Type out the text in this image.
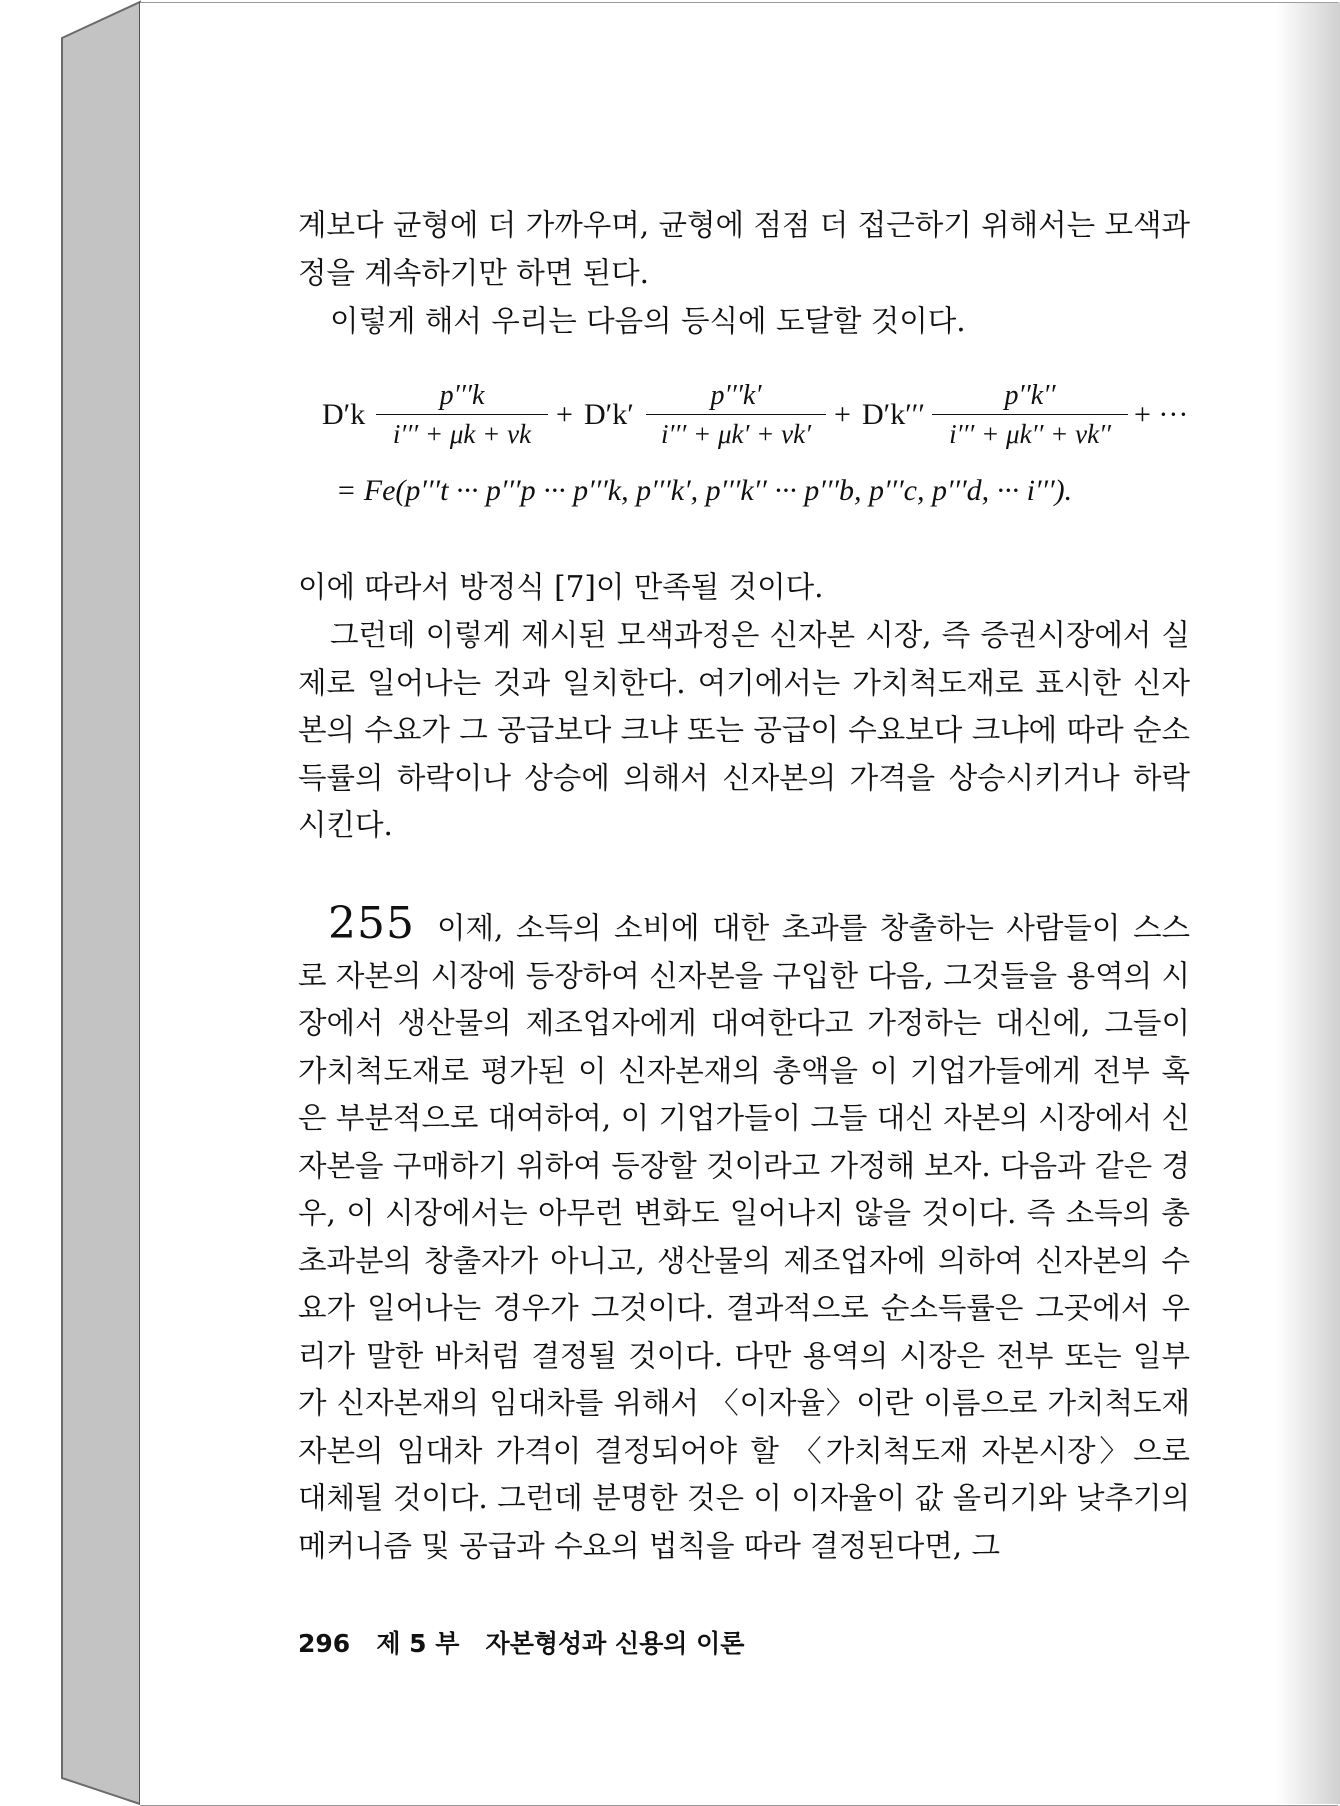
계보다 균형에 더 가까우며, 균형에 점점 더 접근하기 위해서는 모색과정을 계속하기만 하면 된다.

이렇게 해서 우리는 다음의 등식에 도달할 것이다.

D′k
p′′′k
i′′′ + μk + νk
+ D′k′
p′′′k′
i′′′ + μk′ + νk′
+ D′k′′′
p′′k′′
i′′′ + μk′′ + νk′′
+ ···
= Fe(p′′′t ··· p′′′p ··· p′′′k, p′′′k′, p′′′k′′ ··· p′′′b, p′′′c, p′′′d, ··· i′′′).

이에 따라서 방정식 [7]이 만족될 것이다.

그런데 이렇게 제시된 모색과정은 신자본 시장, 즉 증권시장에서 실제로 일어나는 것과 일치한다. 여기에서는 가치척도재로 표시한 신자본의 수요가 그 공급보다 크냐 또는 공급이 수요보다 크냐에 따라 순소득률의 하락이나 상승에 의해서 신자본의 가격을 상승시키거나 하락시킨다.

255 이제, 소득의 소비에 대한 초과를 창출하는 사람들이 스스로 자본의 시장에 등장하여 신자본을 구입한 다음, 그것들을 용역의 시장에서 생산물의 제조업자에게 대여한다고 가정하는 대신에, 그들이 가치척도재로 평가된 이 신자본재의 총액을 이 기업가들에게 전부 혹은 부분적으로 대여하여, 이 기업가들이 그들 대신 자본의 시장에서 신자본을 구매하기 위하여 등장할 것이라고 가정해 보자. 다음과 같은 경우, 이 시장에서는 아무런 변화도 일어나지 않을 것이다. 즉 소득의 총초과분의 창출자가 아니고, 생산물의 제조업자에 의하여 신자본의 수요가 일어나는 경우가 그것이다. 결과적으로 순소득률은 그곳에서 우리가 말한 바처럼 결정될 것이다. 다만 용역의 시장은 전부 또는 일부가 신자본재의 임대차를 위해서 〈이자율〉이란 이름으로 가치척도재 자본의 임대차 가격이 결정되어야 할 〈가치척도재 자본시장〉으로 대체될 것이다. 그런데 분명한 것은 이 이자율이 값 올리기와 낮추기의 메커니즘 및 공급과 수요의 법칙을 따라 결정된다면, 그

296 제 5 부 자본형성과 신용의 이론
